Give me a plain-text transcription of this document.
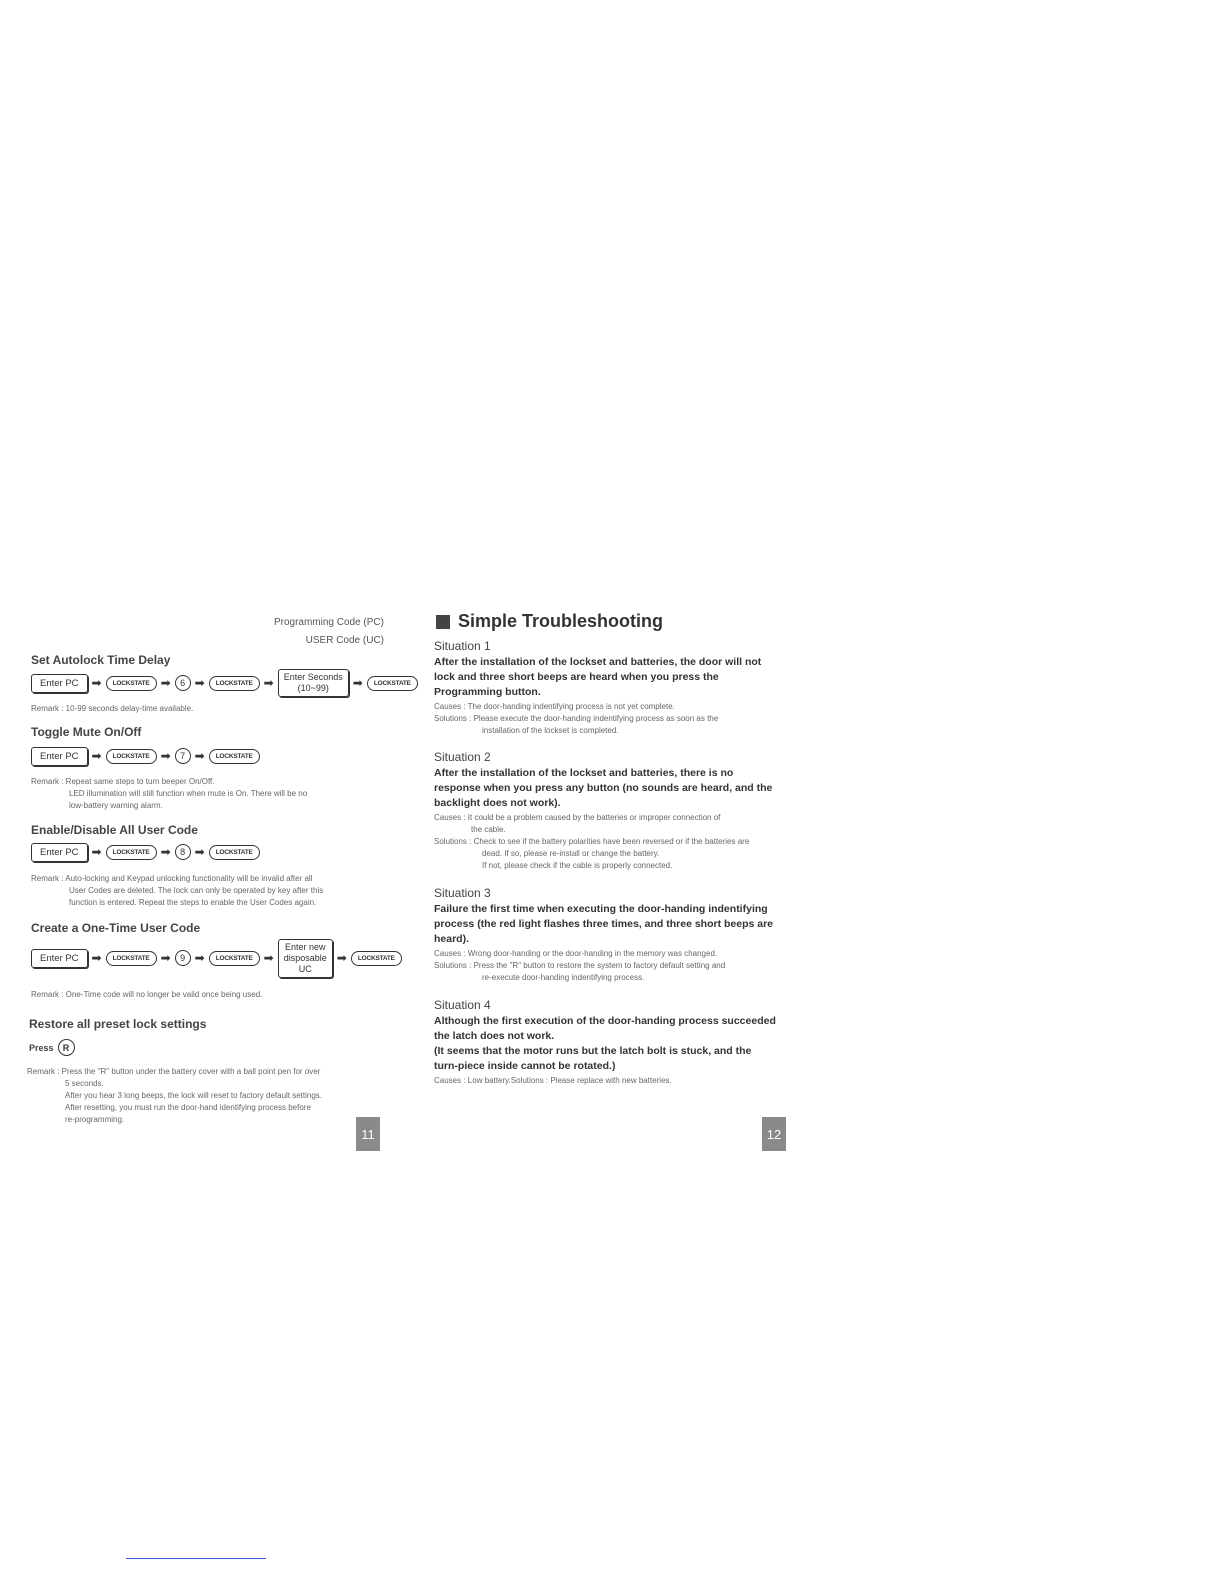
Programming Code (PC)
USER Code (UC)
Set Autolock Time Delay
Enter PC	➡	LOCKSTATE ➡	6 ➡	LOCKSTATE ➡	Enter Seconds
(10~99)	➡	LOCKSTATE
Remark : 10-99 seconds delay-time available.
Toggle Mute On/Off
Enter PC	➡	LOCKSTATE ➡	7 ➡	LOCKSTATE
Remark : Repeat same steps to turn beeper On/Off.
LED illumination will still function when mute is On. There will be no
low-battery warning alarm.
Enable/Disable All User Code
Enter PC	➡	LOCKSTATE ➡	8 ➡	LOCKSTATE
Remark : Auto-locking and Keypad unlocking functionality will be invalid after all
User Codes are deleted. The lock can only be operated by key after this
function is entered. Repeat the steps to enable the User Codes again.
Create a One-Time User Code
Enter PC	➡	LOCKSTATE ➡	9 ➡	LOCKSTATE ➡
Enter new
disposable
UC
➡	LOCKSTATE
Remark : One-Time code will no longer be valid once being used.
Restore all preset lock settings
Press	R
Remark : Press the "R" button under the battery cover with a ball point pen for over
5 seconds.
After you hear 3 long beeps, the lock will reset to factory default settings.
After resetting, you must run the door-hand identifying process before
re-programming.
11
Simple Troubleshooting
Situation 1
After the installation of the lockset and batteries, the door will not
lock and three short beeps are heard when you press the
Programming button.
Causes : The door-handing indentifying process is not yet complete.
Solutions : Please execute the door-handing indentifying process as soon as the
installation of the lockset is completed.
Situation 2
After the installation of the lockset and batteries, there is no
response when you press any button (no sounds are heard, and the
backlight does not work).
Causes : It could be a problem caused by the batteries or improper connection of
the cable.
Solutions : Check to see if the battery polarities have been reversed or if the batteries are
dead. If so, please re-install or change the battery.
If not, please check if the cable is properly connected.
Situation 3
Failure the first time when executing the door-handing indentifying
process (the red light flashes three times, and three short beeps are
heard).
Causes : Wrong door-handing or the door-handing in the memory was changed.
Solutions : Press the "R" button to restore the system to factory default setting and
re-execute door-handing indentifying process.
Situation 4
Although the first execution of the door-handing process succeeded
the latch does not work.
(It seems that the motor runs but the latch bolt is stuck, and the
turn-piece inside cannot be rotated.)
Causes : Low battery.Solutions : Please replace with new batteries.
12
